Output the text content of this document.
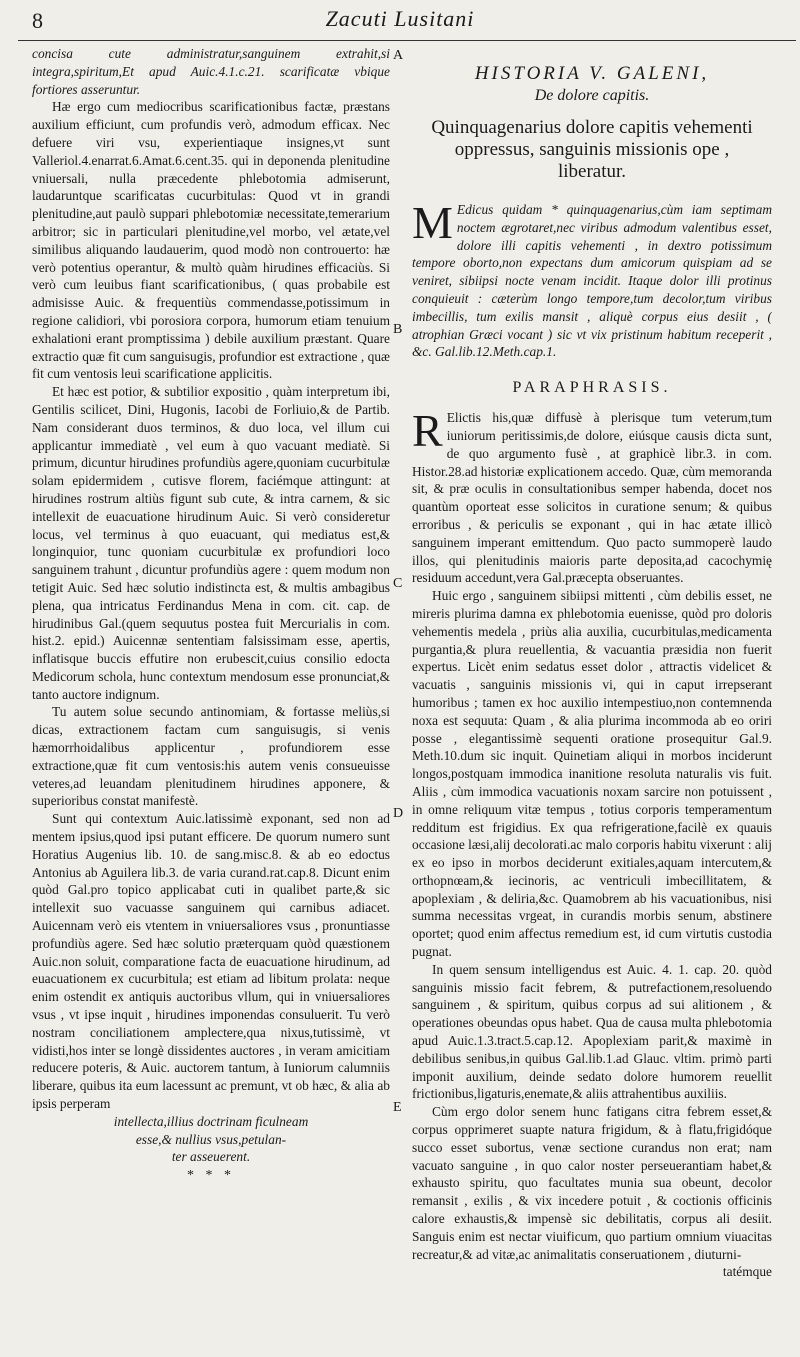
8	Zacuti Lusitani
A
B
C
D
E

concisa cute administratur,sanguinem extrahit,si integra,spiritum,Et apud Auic.4.1.c.21. scarificatæ vbique fortiores asseruntur.

Hæ ergo cum mediocribus scarificationibus factæ, præstans auxilium efficiunt, cum profundis verò, admodum efficax. Nec defuere viri vsu, experientiaque insignes,vt sunt Valleriol.4.enarrat.6.Amat.6.cent.35. qui in deponenda plenitudine vniuersali, nulla præcedente phlebotomia admiserunt, laudaruntque scarificatas cucurbitulas: Quod vt in grandi plenitudine,aut paulò suppari phlebotomiæ necessitate,temerarium arbitror; sic in particulari plenitudine,vel morbo, vel ætate,vel similibus aliquando laudauerim, quod modò non controuerto: hæ verò potentius operantur, & multò quàm hirudines efficaciùs. Si verò cum leuibus fiant scarificationibus, ( quas probabile est admisisse Auic. & frequentiùs commendasse,potissimum in regione calidiori, vbi porosiora corpora, humorum etiam tenuium exhalationi erant promptissima ) debile auxilium præstant. Quare extractio quæ fit cum sanguisugis, profundior est extractione , quæ fit cum ventosis leui scarificatione applicitis.

Et hæc est potior, & subtilior expositio , quàm interpretum ibi, Gentilis scilicet, Dini, Hugonis, Iacobi de Forliuio,& de Partib. Nam considerant duos terminos, & duo loca, vel illum cui applicantur immediatè , vel eum à quo vacuant mediatè. Si primum, dicuntur hirudines profundiùs agere,quoniam cucurbitulæ solam epidermidem , cutisve florem, faciémque attingunt: at hirudines rostrum altiùs figunt sub cute, & intra carnem, & sic intellexit de euacuatione hirudinum Auic. Si verò consideretur locus, vel terminus à quo euacuant, qui mediatus est,& longinquior, tunc quoniam cucurbitulæ ex profundiori loco sanguinem trahunt , dicuntur profundiùs agere : quem modum non tetigit Auic. Sed hæc solutio indistincta est, & multis ambagibus plena, qua intricatus Ferdinandus Mena in com. cit. cap. de hirudinibus Gal.(quem sequutus postea fuit Mercurialis in com. hist.2. epid.) Auicennæ sententiam falsissimam esse, apertis, inflatisque buccis effutire non erubescit,cuius consilio edocta Medicorum schola, hunc contextum mendosum esse pronunciat,& tanto auctore indignum.

Tu autem solue secundo antinomiam, & fortasse meliùs,si dicas, extractionem factam cum sanguisugis, si venis hæmorrhoidalibus applicentur , profundiorem esse extractione,quæ fit cum ventosis:his autem venis consueuisse veteres,ad leuandam plenitudinem hirudines apponere, & superioribus constat manifestè.

Sunt qui contextum Auic.latissimè exponant, sed non ad mentem ipsius,quod ipsi putant efficere. De quorum numero sunt Horatius Augenius lib. 10. de sang.misc.8. & ab eo edoctus Antonius ab Aguilera lib.3. de varia curand.rat.cap.8. Dicunt enim quòd Gal.pro topico applicabat cuti in qualibet parte,& sic intellexit suo vacuasse sanguinem qui carnibus adiacet. Auicennam verò eis vtentem in vniuersaliores vsus , pronuntiasse profundiùs agere. Sed hæc solutio præterquam quòd quæstionem Auic.non soluit, comparatione facta de euacuatione hirudinum, ad euacuationem ex cucurbitula; est etiam ad libitum prolata: neque enim ostendit ex antiquis auctoribus vllum, qui in vniuersaliores vsus , vt ipse inquit , hirudines imponendas consuluerit. Tu verò nostram conciliationem amplectere,qua nixus,tutissimè, vt vidisti,hos inter se longè dissidentes auctores , in veram amicitiam reducere poteris, & Auic. auctorem tantum, à Iuniorum calumniis liberare, quibus ita eum lacessunt ac premunt, vt ob hæc, & alia ab ipsis perperam

intellecta,illius doctrinam ficulneam

esse,& nullius vsus,petulan-

ter asseuerent.

* * *
HISTORIA V. GALENI,
De dolore capitis.
Quinquagenarius dolore capitis vehementi oppressus, sanguinis missionis ope , liberatur.
M Edicus quidam * quinquagenarius,cùm iam septimam noctem ægrotaret,nec viribus admodum valentibus esset, dolore illi capitis vehementi , in dextro potissimum tempore oborto,non expectans dum amicorum quispiam ad se veniret, sibiipsi nocte venam incidit. Itaque dolor illi protinus conquieuit : cæterùm longo tempore,tum decolor,tum viribus imbecillis, tum exilis mansit , aliquè corpus eius desiit , ( atrophian Græci vocant ) sic vt vix pristinum habitum receperit , &c. Gal.lib.12.Meth.cap.1.

PARAPHRASIS.
R Elictis his,quæ diffusè à plerisque tum veterum,tum iuniorum peritissimis,de dolore, eiúsque causis dicta sunt, de quo argumento fusè , at graphicè libr.3. in com. Histor.28.ad historiæ explicationem accedo. Quæ, cùm memoranda sit, & præ oculis in consultationibus semper habenda, docet nos quantùm oporteat esse solicitos in curatione senum; & quibus erroribus , & periculis se exponant , qui in hac ætate illicò sanguinem imperant emittendum. Quo pacto summoperè laudo illos, qui plenitudinis maioris parte deposita,ad cacochymię residuum accedunt,vera Gal.præcepta obseruantes.

Huic ergo , sanguinem sibiipsi mittenti , cùm debilis esset, ne mireris plurima damna ex phlebotomia euenisse, quòd pro doloris vehementis medela , priùs alia auxilia, cucurbitulas,medicamenta purgantia,& plura reuellentia, & vacuantia præsidia non fuerit expertus. Licèt enim sedatus esset dolor , attractis videlicet & vacuatis , sanguinis missionis vi, qui in caput irrepserant humoribus ; tamen ex hoc auxilio intempestiuo,non contemnenda noxa est sequuta: Quam , & alia plurima incommoda ab eo oriri posse , elegantissimè sequenti oratione prosequitur Gal.9. Meth.10.dum sic inquit. Quinetiam aliqui in morbos inciderunt longos,postquam immodica inanitione resoluta naturalis vis fuit. Aliis , cùm immodica vacuationis noxam sarcire non potuissent , in omne reliquum vitæ tempus , totius corporis temperamentum redditum est frigidius. Ex qua refrigeratione,facilè ex quauis occasione læsi,alij decolorati.ac malo corporis habitu vixerunt : alij ex eo ipso in morbos deciderunt exitiales,aquam intercutem,& orthopnœam,& iecinoris, ac ventriculi imbecillitatem, & apoplexiam , & deliria,&c. Quamobrem ab his vacuationibus, nisi summa necessitas vrgeat, in curandis morbis senum, abstinere oportet; quod enim affectus remedium est, id cum virtutis custodia pugnat.

In quem sensum intelligendus est Auic. 4. 1. cap. 20. quòd sanguinis missio facit febrem, & putrefactionem,resoluendo sanguinem , & spiritum, quibus corpus ad sui alitionem , & operationes obeundas opus habet. Qua de causa multa phlebotomia apud Auic.1.3.tract.5.cap.12. Apoplexiam parit,& maximè in debilibus senibus,in quibus Gal.lib.1.ad Glauc. vltim. primò parti imponit auxilium, deinde sedato dolore humorem reuellit frictionibus,ligaturis,enemate,& aliis attrahentibus auxiliis.

Cùm ergo dolor senem hunc fatigans citra febrem esset,& corpus opprimeret suapte natura frigidum, & à flatu,frigidóque succo esset subortus, venæ sectione curandus non erat; nam vacuato sanguine , in quo calor noster perseuerantiam habet,& exhausto spiritu, quo facultates munia sua obeunt, decolor remansit , exilis , & vix incedere potuit , & coctionis officinis calore exhaustis,& impensè sic debilitatis, corpus ali desiit. Sanguis enim est nectar viuificum, quo partium omnium viuacitas recreatur,& ad vitæ,ac animalitatis conseruationem , diuturni-

tatémque
